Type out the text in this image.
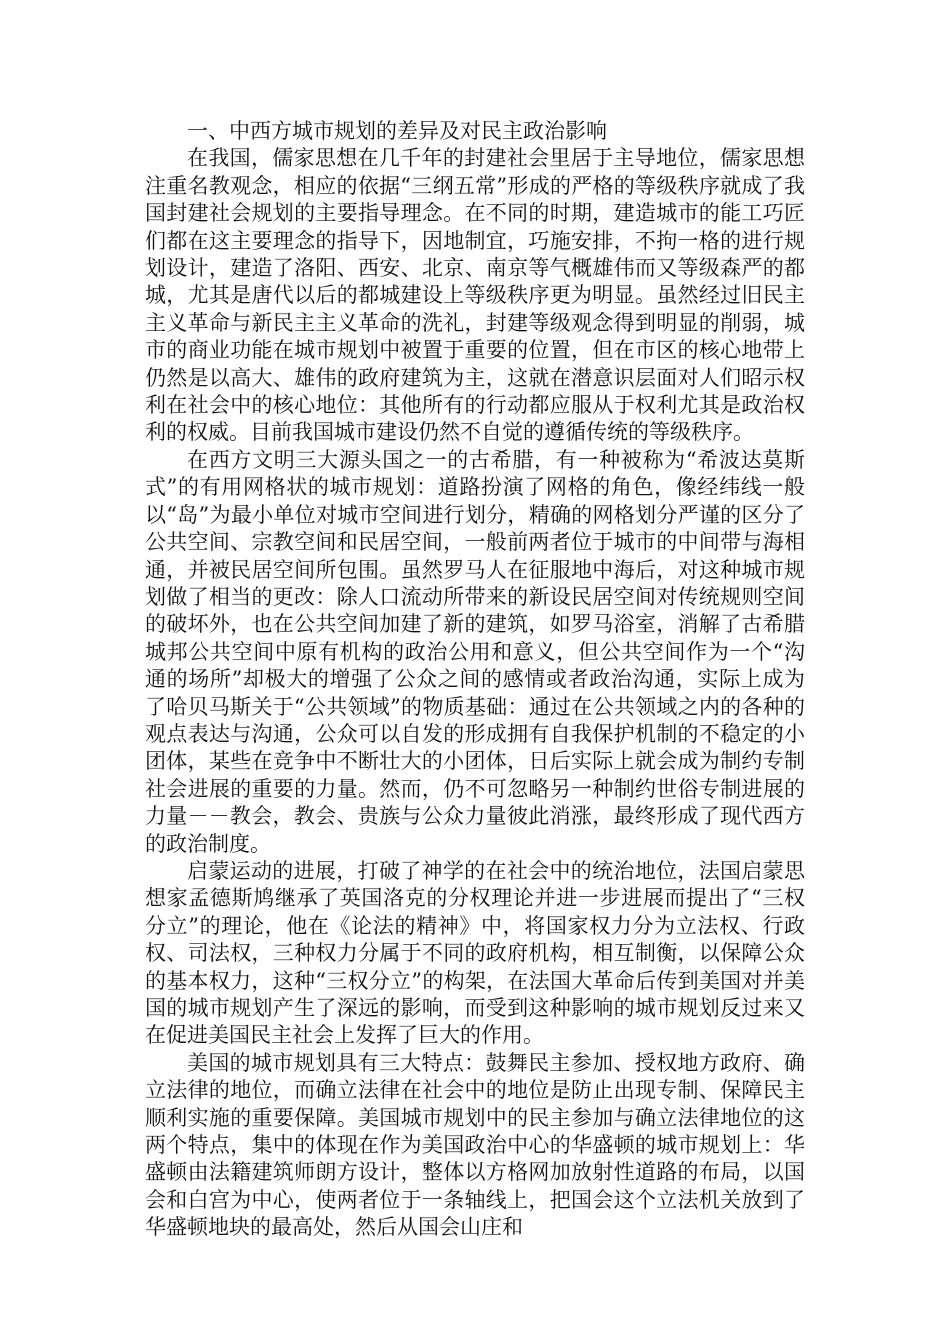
一、中西方城市规划的差异及对民主政治影响

在我国，儒家思想在几千年的封建社会里居于主导地位，儒家思想注重名教观念，相应的依据“三纲五常”形成的严格的等级秩序就成了我国封建社会规划的主要指导理念。在不同的时期，建造城市的能工巧匠们都在这主要理念的指导下，因地制宜，巧施安排，不拘一格的进行规划设计，建造了洛阳、西安、北京、南京等气概雄伟而又等级森严的都城，尤其是唐代以后的都城建设上等级秩序更为明显。虽然经过旧民主主义革命与新民主主义革命的洗礼，封建等级观念得到明显的削弱，城市的商业功能在城市规划中被置于重要的位置，但在市区的核心地带上仍然是以高大、雄伟的政府建筑为主，这就在潜意识层面对人们昭示权利在社会中的核心地位：其他所有的行动都应服从于权利尤其是政治权利的权威。目前我国城市建设仍然不自觉的遵循传统的等级秩序。

在西方文明三大源头国之一的古希腊，有一种被称为“希波达莫斯式”的有用网格状的城市规划：道路扮演了网格的角色，像经纬线一般以“岛”为最小单位对城市空间进行划分，精确的网格划分严谨的区分了公共空间、宗教空间和民居空间，一般前两者位于城市的中间带与海相通，并被民居空间所包围。虽然罗马人在征服地中海后，对这种城市规划做了相当的更改：除人口流动所带来的新设民居空间对传统规则空间的破坏外，也在公共空间加建了新的建筑，如罗马浴室，消解了古希腊城邦公共空间中原有机构的政治公用和意义，但公共空间作为一个“沟通的场所”却极大的增强了公众之间的感情或者政治沟通，实际上成为了哈贝马斯关于“公共领域”的物质基础：通过在公共领域之内的各种的观点表达与沟通，公众可以自发的形成拥有自我保护机制的不稳定的小团体，某些在竞争中不断壮大的小团体，日后实际上就会成为制约专制社会进展的重要的力量。然而，仍不可忽略另一种制约世俗专制进展的力量－－教会，教会、贵族与公众力量彼此消涨，最终形成了现代西方的政治制度。

启蒙运动的进展，打破了神学的在社会中的统治地位，法国启蒙思想家孟德斯鸠继承了英国洛克的分权理论并进一步进展而提出了“三权分立”的理论，他在《论法的精神》中，将国家权力分为立法权、行政权、司法权，三种权力分属于不同的政府机构，相互制衡，以保障公众的基本权力，这种“三权分立”的构架，在法国大革命后传到美国对并美国的城市规划产生了深远的影响，而受到这种影响的城市规划反过来又在促进美国民主社会上发挥了巨大的作用。

美国的城市规划具有三大特点：鼓舞民主参加、授权地方政府、确立法律的地位，而确立法律在社会中的地位是防止出现专制、保障民主顺利实施的重要保障。美国城市规划中的民主参加与确立法律地位的这两个特点，集中的体现在作为美国政治中心的华盛顿的城市规划上：华盛顿由法籍建筑师朗方设计，整体以方格网加放射性道路的布局，以国会和白宫为中心，使两者位于一条轴线上，把国会这个立法机关放到了华盛顿地块的最高处，然后从国会山庄和
